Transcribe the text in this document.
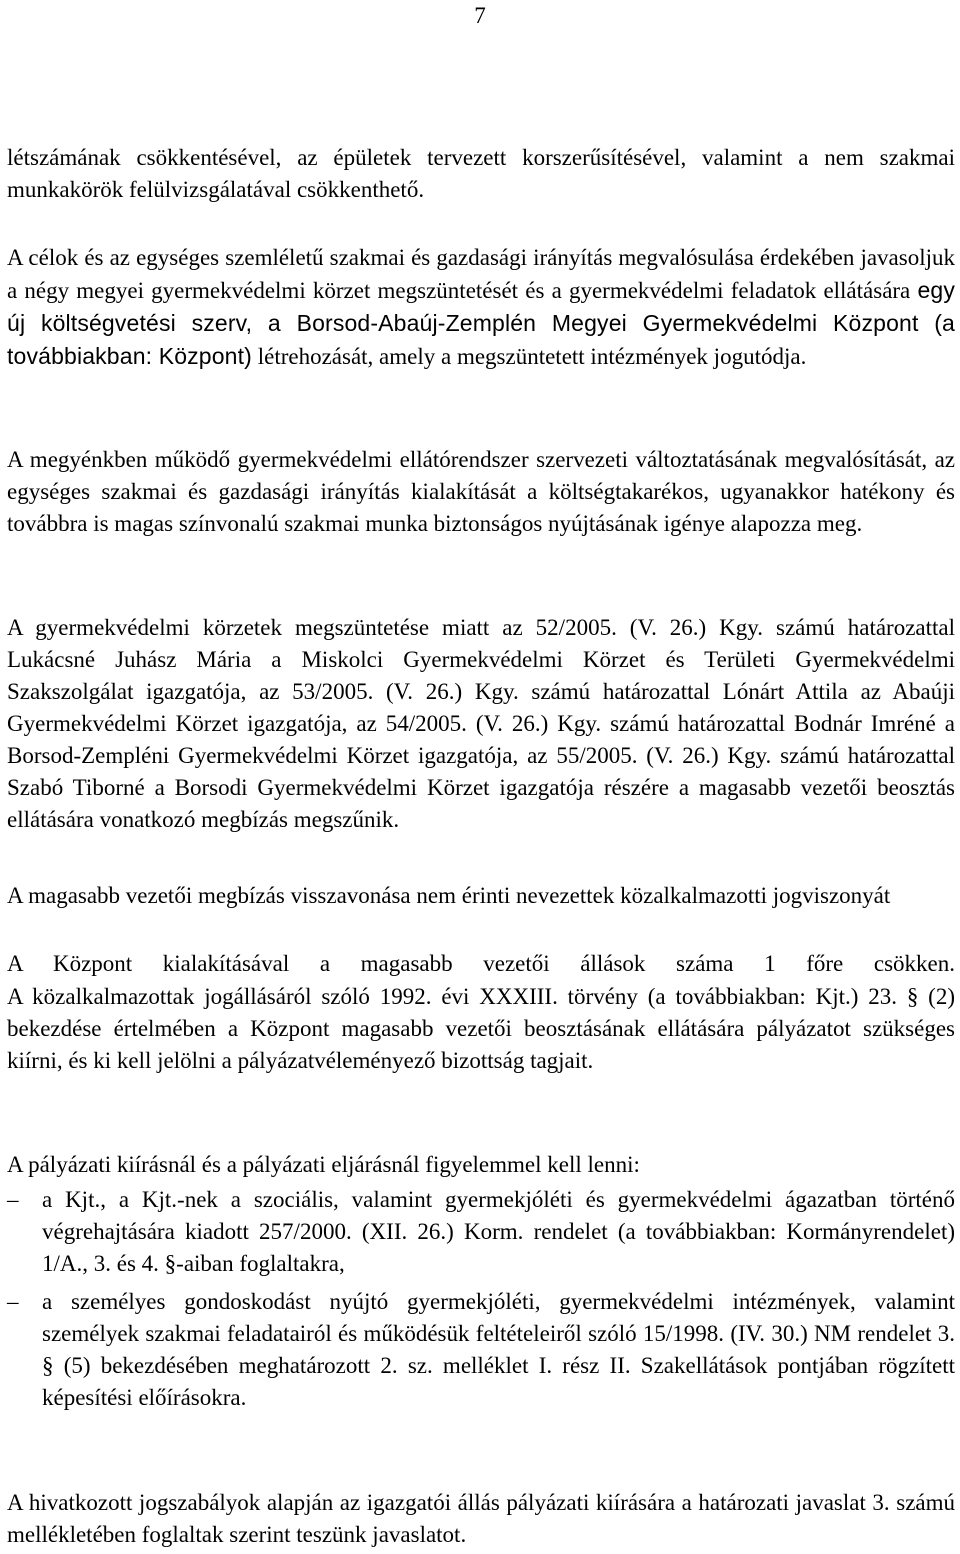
7

létszámának csökkentésével, az épületek tervezett korszerűsítésével, valamint a nem szakmai munkakörök felülvizsgálatával csökkenthető.

A célok és az egységes szemléletű szakmai és gazdasági irányítás megvalósulása érdekében javasoljuk a négy megyei gyermekvédelmi körzet megszüntetését és a gyermekvédelmi feladatok ellátására egy új költségvetési szerv, a Borsod-Abaúj-Zemplén Megyei Gyermekvédelmi Központ (a továbbiakban: Központ) létrehozását, amely a megszüntetett intézmények jogutódja.

A megyénkben működő gyermekvédelmi ellátórendszer szervezeti változtatásának megvalósítását, az egységes szakmai és gazdasági irányítás kialakítását a költségtakarékos, ugyanakkor hatékony és továbbra is magas színvonalú szakmai munka biztonságos nyújtásának igénye alapozza meg.

A gyermekvédelmi körzetek megszüntetése miatt az 52/2005. (V. 26.) Kgy. számú határozattal Lukácsné Juhász Mária a Miskolci Gyermekvédelmi Körzet és Területi Gyermekvédelmi Szakszolgálat igazgatója, az 53/2005. (V. 26.) Kgy. számú határozattal Lónárt Attila az Abaúji Gyermekvédelmi Körzet igazgatója, az 54/2005. (V. 26.) Kgy. számú határozattal Bodnár Imréné a Borsod-Zempléni Gyermekvédelmi Körzet igazgatója, az 55/2005. (V. 26.) Kgy. számú határozattal Szabó Tiborné a Borsodi Gyermekvédelmi Körzet igazgatója részére a magasabb vezetői beosztás ellátására vonatkozó megbízás megszűnik.

A magasabb vezetői megbízás visszavonása nem érinti nevezettek közalkalmazotti jogviszonyát

A Központ kialakításával a magasabb vezetői állások száma 1 főre csökken.

A közalkalmazottak jogállásáról szóló 1992. évi XXXIII. törvény (a továbbiakban: Kjt.) 23. § (2) bekezdése értelmében a Központ magasabb vezetői beosztásának ellátására pályázatot szükséges kiírni, és ki kell jelölni a pályázatvéleményező bizottság tagjait.

A pályázati kiírásnál és a pályázati eljárásnál figyelemmel kell lenni:

–	a Kjt., a Kjt.-nek a szociális, valamint gyermekjóléti és gyermekvédelmi ágazatban történő végrehajtására kiadott 257/2000. (XII. 26.) Korm. rendelet (a továbbiakban: Kormányrendelet) 1/A., 3. és 4. §-aiban foglaltakra,
–	a személyes gondoskodást nyújtó gyermekjóléti, gyermekvédelmi intézmények, valamint személyek szakmai feladatairól és működésük feltételeiről szóló 15/1998. (IV. 30.) NM rendelet 3. § (5) bekezdésében meghatározott 2. sz. melléklet I. rész II. Szakellátások pontjában rögzített képesítési előírásokra.

A hivatkozott jogszabályok alapján az igazgatói állás pályázati kiírására a határozati javaslat 3. számú mellékletében foglaltak szerint teszünk javaslatot.
